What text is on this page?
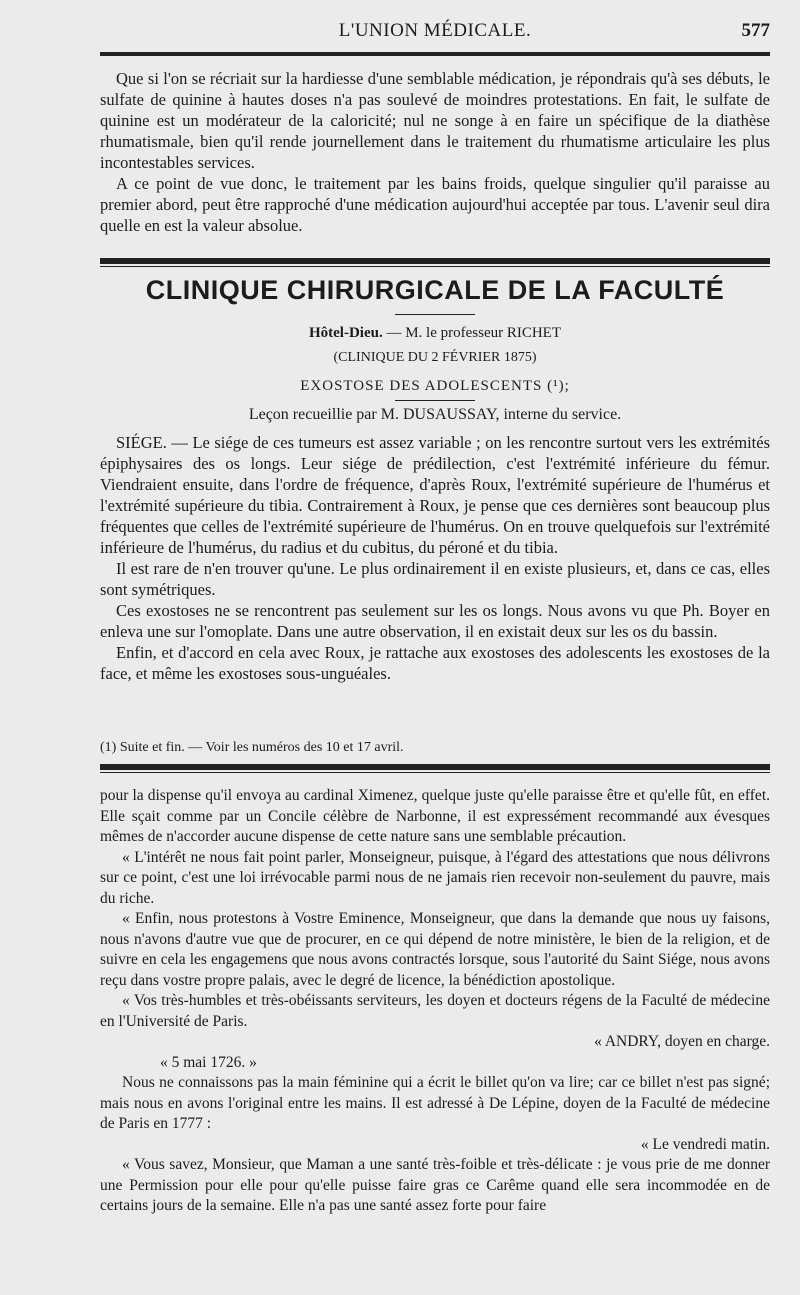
L'UNION MÉDICALE.	577

Que si l'on se récriait sur la hardiesse d'une semblable médication, je répondrais qu'à ses débuts, le sulfate de quinine à hautes doses n'a pas soulevé de moindres protestations. En fait, le sulfate de quinine est un modérateur de la caloricité; nul ne songe à en faire un spécifique de la diathèse rhumatismale, bien qu'il rende journellement dans le traitement du rhumatisme articulaire les plus incontestables services.

A ce point de vue donc, le traitement par les bains froids, quelque singulier qu'il paraisse au premier abord, peut être rapproché d'une médication aujourd'hui acceptée par tous. L'avenir seul dira quelle en est la valeur absolue.

CLINIQUE CHIRURGICALE DE LA FACULTÉ
Hôtel-Dieu. — M. le professeur RICHET
(CLINIQUE DU 2 FÉVRIER 1875)
EXOSTOSE DES ADOLESCENTS (¹);
Leçon recueillie par M. DUSAUSSAY, interne du service.

SIÉGE. — Le siége de ces tumeurs est assez variable ; on les rencontre surtout vers les extrémités épiphysaires des os longs. Leur siége de prédilection, c'est l'extrémité inférieure du fémur. Viendraient ensuite, dans l'ordre de fréquence, d'après Roux, l'extrémité supérieure de l'humérus et l'extrémité supérieure du tibia. Contrairement à Roux, je pense que ces dernières sont beaucoup plus fréquentes que celles de l'extrémité supérieure de l'humérus. On en trouve quelquefois sur l'extrémité inférieure de l'humérus, du radius et du cubitus, du péroné et du tibia.

Il est rare de n'en trouver qu'une. Le plus ordinairement il en existe plusieurs, et, dans ce cas, elles sont symétriques.

Ces exostoses ne se rencontrent pas seulement sur les os longs. Nous avons vu que Ph. Boyer en enleva une sur l'omoplate. Dans une autre observation, il en existait deux sur les os du bassin.

Enfin, et d'accord en cela avec Roux, je rattache aux exostoses des adolescents les exostoses de la face, et même les exostoses sous-unguéales.

(1) Suite et fin. — Voir les numéros des 10 et 17 avril.

pour la dispense qu'il envoya au cardinal Ximenez, quelque juste qu'elle paraisse être et qu'elle fût, en effet. Elle sçait comme par un Concile célèbre de Narbonne, il est expressément recommandé aux évesques mêmes de n'accorder aucune dispense de cette nature sans une semblable précaution.

« L'intérêt ne nous fait point parler, Monseigneur, puisque, à l'égard des attestations que nous délivrons sur ce point, c'est une loi irrévocable parmi nous de ne jamais rien recevoir non-seulement du pauvre, mais du riche.

« Enfin, nous protestons à Vostre Eminence, Monseigneur, que dans la demande que nous uy faisons, nous n'avons d'autre vue que de procurer, en ce qui dépend de notre ministère, le bien de la religion, et de suivre en cela les engagemens que nous avons contractés lorsque, sous l'autorité du Saint Siége, nous avons reçu dans vostre propre palais, avec le degré de licence, la bénédiction apostolique.

« Vos très-humbles et très-obéissants serviteurs, les doyen et docteurs régens de la Faculté de médecine en l'Université de Paris.

« ANDRY, doyen en charge.

« 5 mai 1726. »

Nous ne connaissons pas la main féminine qui a écrit le billet qu'on va lire; car ce billet n'est pas signé; mais nous en avons l'original entre les mains. Il est adressé à De Lépine, doyen de la Faculté de médecine de Paris en 1777 :

« Le vendredi matin.

« Vous savez, Monsieur, que Maman a une santé très-foible et très-délicate : je vous prie de me donner une Permission pour elle pour qu'elle puisse faire gras ce Carême quand elle sera incommodée en de certains jours de la semaine. Elle n'a pas une santé assez forte pour faire
